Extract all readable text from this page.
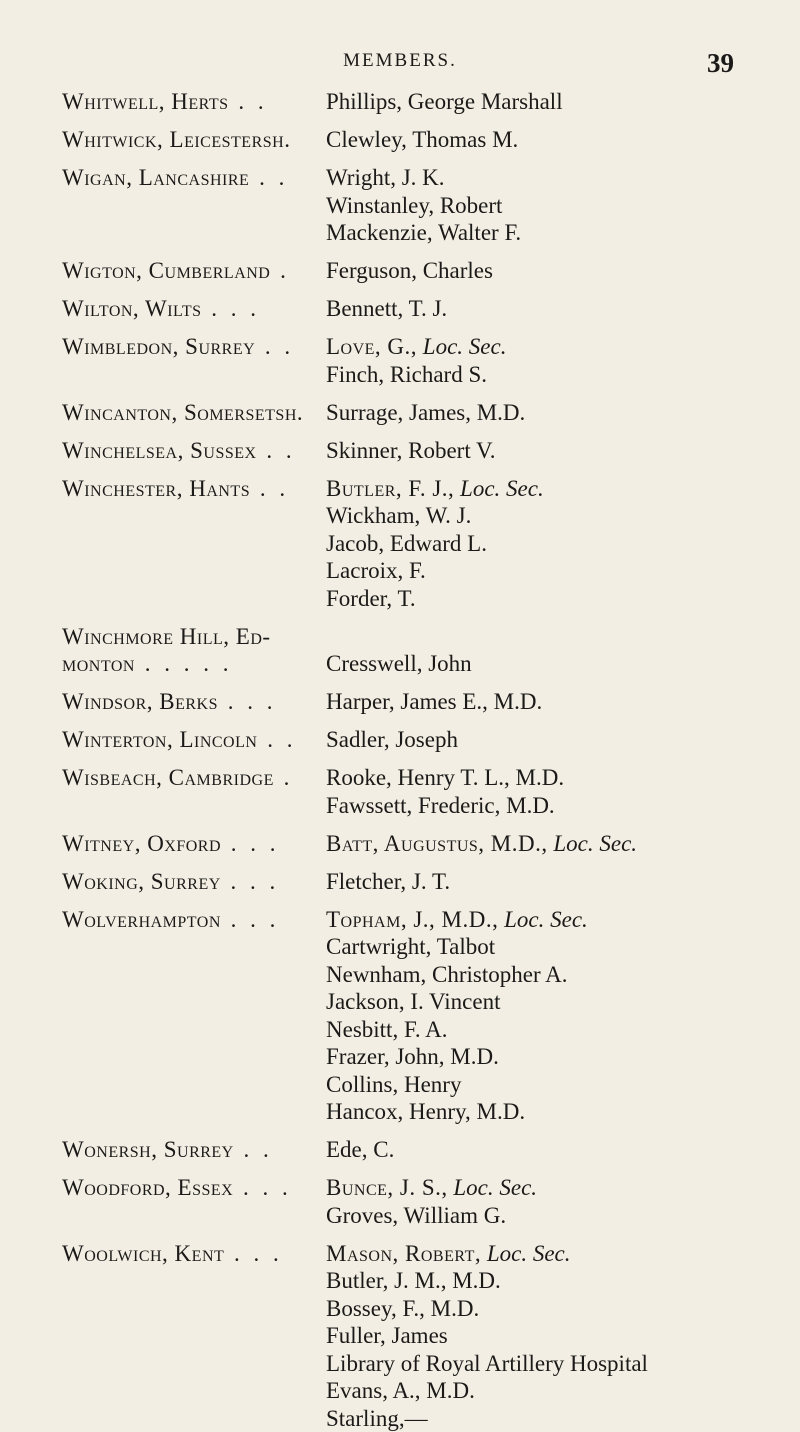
MEMBERS.	39
Whitwell, Herts . .	Phillips, George Marshall
Whitwick, Leicestersh.	Clewley, Thomas M.
Wigan, Lancashire . .	Wright, J. K.
Winstanley, Robert
Mackenzie, Walter F.
Wigton, Cumberland .	Ferguson, Charles
Wilton, Wilts . . .	Bennett, T. J.
Wimbledon, Surrey . .	Love, G., Loc. Sec.
Finch, Richard S.
Wincanton, Somersetsh. Surrage, James, M.D.
Winchelsea, Sussex . .	Skinner, Robert V.
Winchester, Hants . .	Butler, F. J., Loc. Sec.
Wickham, W. J.
Jacob, Edward L.
Lacroix, F.
Forder, T.
Winchmore Hill, Ed-
monton . . . . .	Cresswell, John
Windsor, Berks . . .	Harper, James E., M.D.
Winterton, Lincoln . .	Sadler, Joseph
Wisbeach, Cambridge .	Rooke, Henry T. L., M.D.
Fawssett, Frederic, M.D.
Witney, Oxford . . .	Batt, Augustus, M.D., Loc. Sec.
Woking, Surrey . . .	Fletcher, J. T.
Wolverhampton . . .	Topham, J., M.D., Loc. Sec.
Cartwright, Talbot
Newnham, Christopher A.
Jackson, I. Vincent
Nesbitt, F. A.
Frazer, John, M.D.
Collins, Henry
Hancox, Henry, M.D.
Wonersh, Surrey . .	Ede, C.
Woodford, Essex . . .	Bunce, J. S., Loc. Sec.
Groves, William G.
Woolwich, Kent . . .	Mason, Robert, Loc. Sec.
Butler, J. M., M.D.
Bossey, F., M.D.
Fuller, James
Library of Royal Artillery Hospital
Evans, A., M.D.
Starling,—
